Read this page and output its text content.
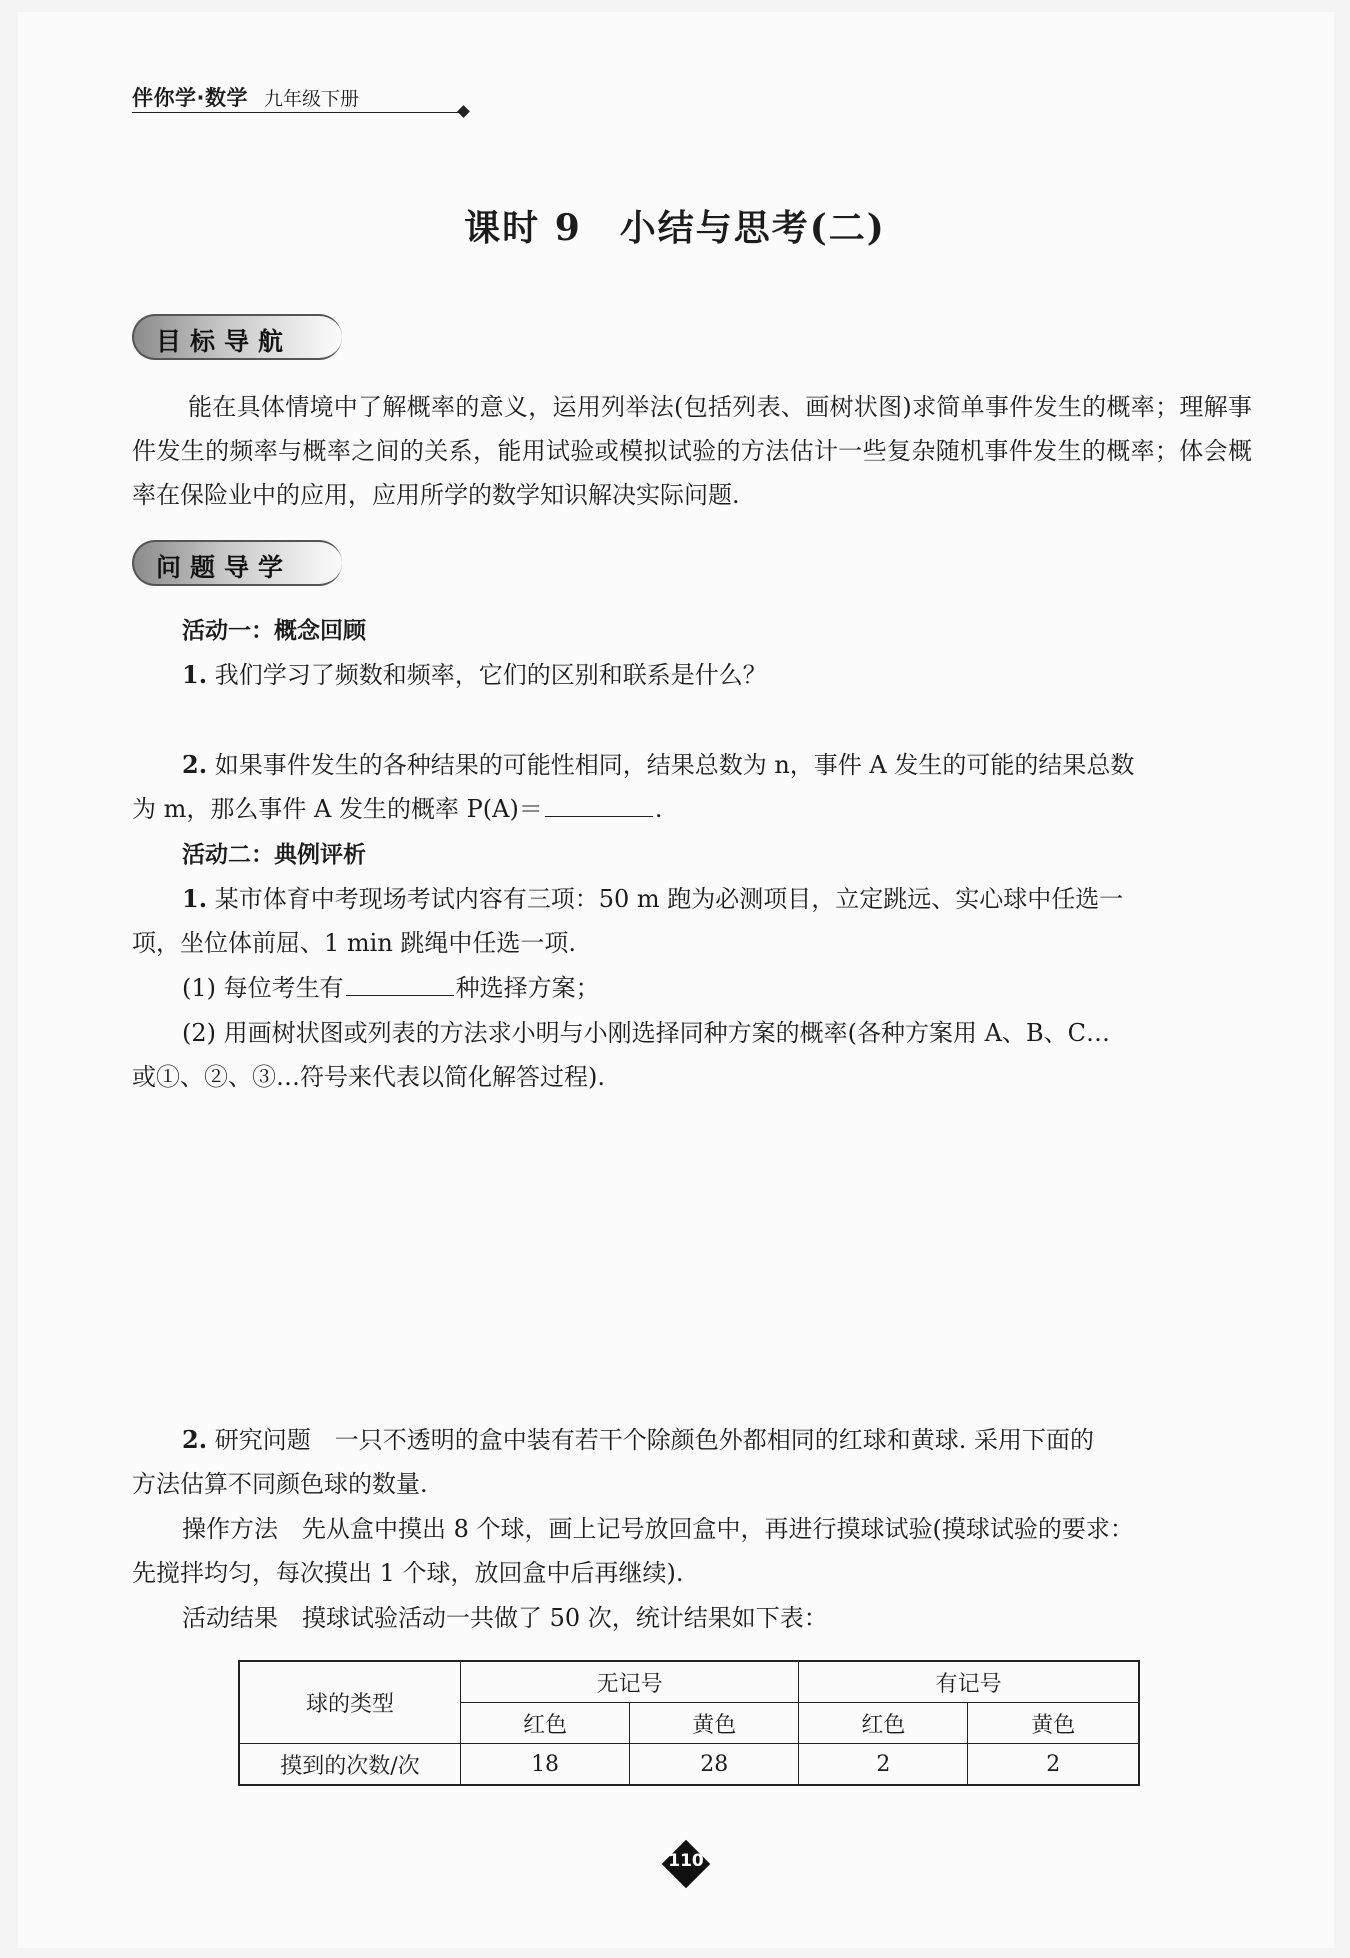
伴你学·数学 九年级下册
课时 9　小结与思考(二)
目标导航
能在具体情境中了解概率的意义，运用列举法(包括列表、画树状图)求简单事件发生的概率；理解事件发生的频率与概率之间的关系，能用试验或模拟试验的方法估计一些复杂随机事件发生的概率；体会概率在保险业中的应用，应用所学的数学知识解决实际问题.
问题导学
活动一：概念回顾
1. 我们学习了频数和频率，它们的区别和联系是什么？
2. 如果事件发生的各种结果的可能性相同，结果总数为 n，事件 A 发生的可能的结果总数
为 m，那么事件 A 发生的概率 P(A)＝	.
活动二：典例评析
1. 某市体育中考现场考试内容有三项：50 m 跑为必测项目，立定跳远、实心球中任选一
项，坐位体前屈、1 min 跳绳中任选一项.
(1) 每位考生有	种选择方案；
(2) 用画树状图或列表的方法求小明与小刚选择同种方案的概率(各种方案用 A、B、C…
或①、②、③…符号来代表以简化解答过程).
2. 研究问题　一只不透明的盒中装有若干个除颜色外都相同的红球和黄球. 采用下面的
方法估算不同颜色球的数量.
操作方法　先从盒中摸出 8 个球，画上记号放回盒中，再进行摸球试验(摸球试验的要求：
先搅拌均匀，每次摸出 1 个球，放回盒中后再继续).
活动结果　摸球试验活动一共做了 50 次，统计结果如下表：
球的类型	无记号		有记号	
	红色	黄色	红色	黄色
摸到的次数/次	18	28	2	2
110
